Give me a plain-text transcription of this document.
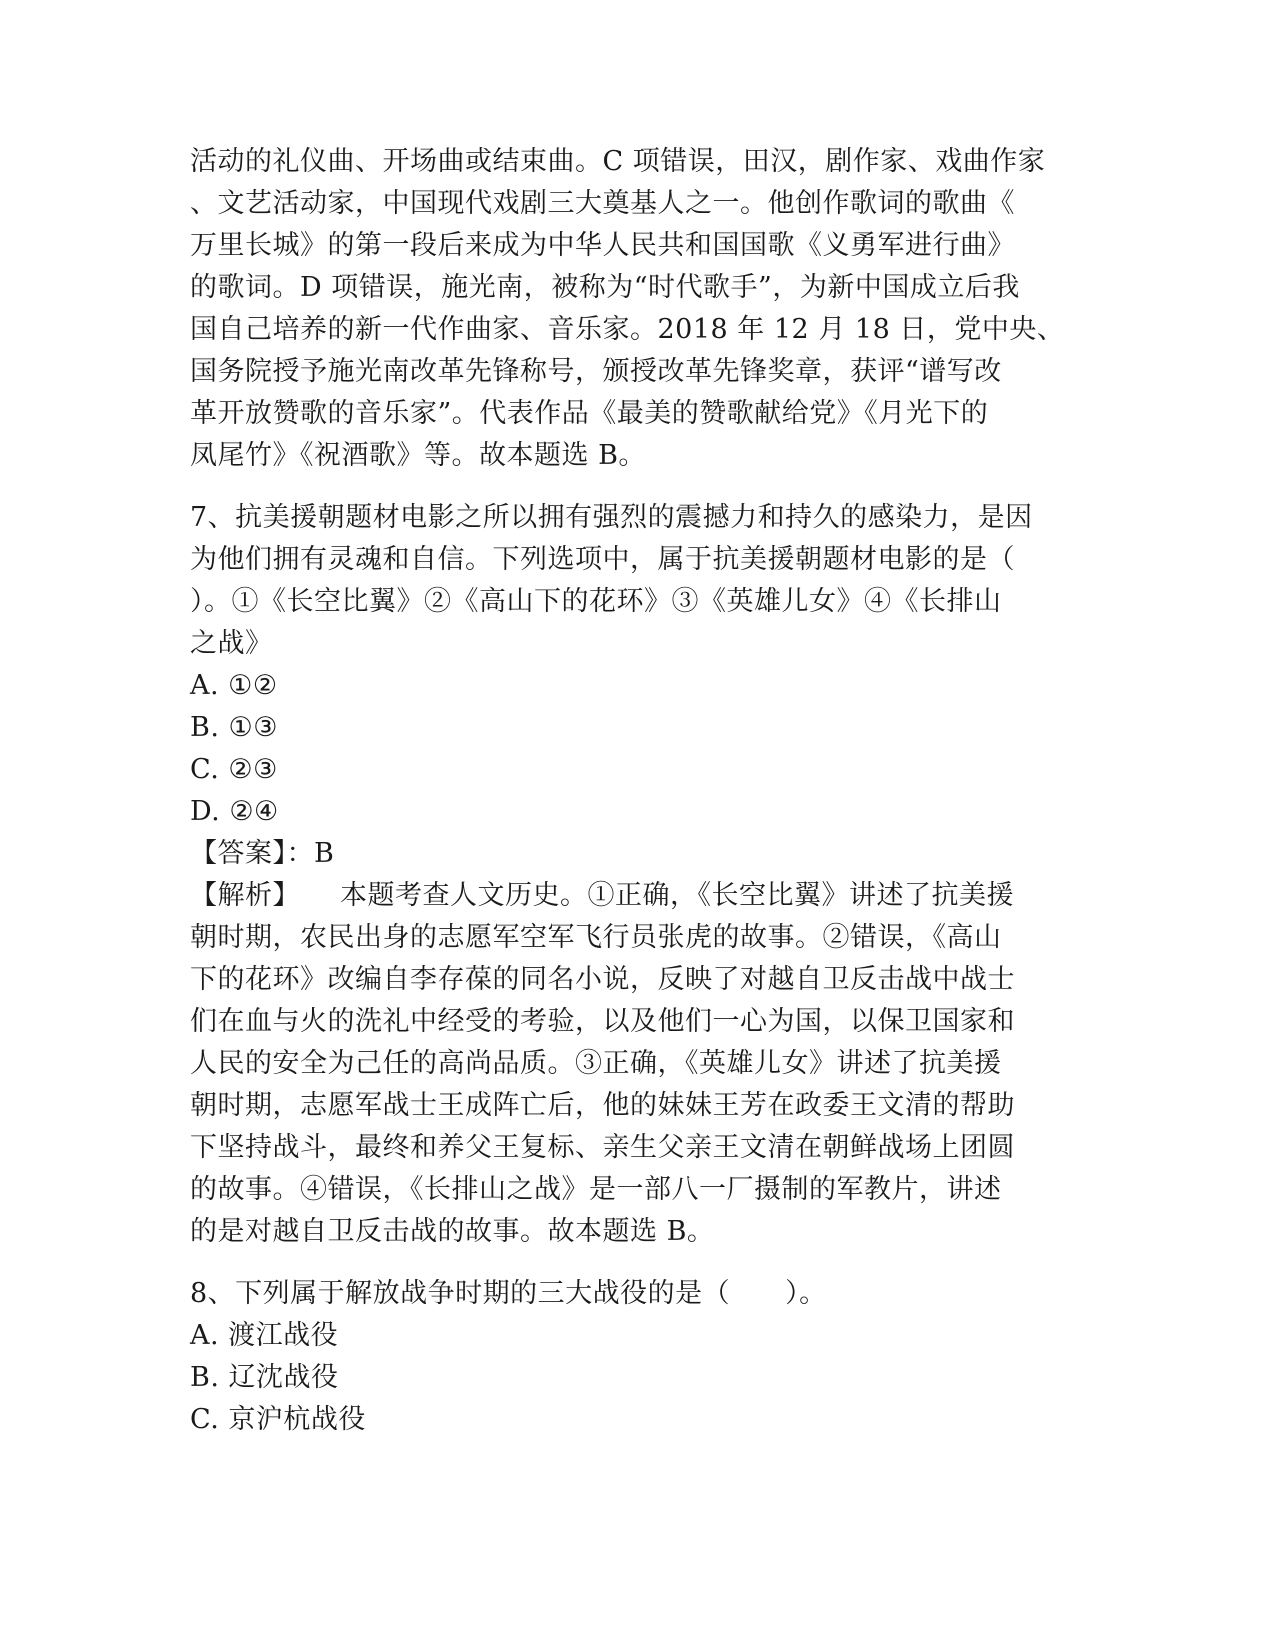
活动的礼仪曲、开场曲或结束曲。C 项错误，田汉，剧作家、戏曲作家
、文艺活动家，中国现代戏剧三大奠基人之一。他创作歌词的歌曲《
万里长城》的第一段后来成为中华人民共和国国歌《义勇军进行曲》
的歌词。D 项错误，施光南，被称为“时代歌手”，为新中国成立后我
国自己培养的新一代作曲家、音乐家。2018 年 12 月 18 日，党中央、
国务院授予施光南改革先锋称号，颁授改革先锋奖章，获评“谱写改
革开放赞歌的音乐家”。代表作品《最美的赞歌献给党》《月光下的
凤尾竹》《祝酒歌》等。故本题选 B。
7、抗美援朝题材电影之所以拥有强烈的震撼力和持久的感染力，是因
为他们拥有灵魂和自信。下列选项中，属于抗美援朝题材电影的是（
）。①《长空比翼》②《高山下的花环》③《英雄儿女》④《长排山
之战》
A. ①②
B. ①③
C. ②③
D. ②④
【答案】：B
【解析】 本题考查人文历史。①正确，《长空比翼》讲述了抗美援
朝时期，农民出身的志愿军空军飞行员张虎的故事。②错误，《高山
下的花环》改编自李存葆的同名小说，反映了对越自卫反击战中战士
们在血与火的洗礼中经受的考验，以及他们一心为国，以保卫国家和
人民的安全为己任的高尚品质。③正确，《英雄儿女》讲述了抗美援
朝时期，志愿军战士王成阵亡后，他的妹妹王芳在政委王文清的帮助
下坚持战斗，最终和养父王复标、亲生父亲王文清在朝鲜战场上团圆
的故事。④错误，《长排山之战》是一部八一厂摄制的军教片，讲述
的是对越自卫反击战的故事。故本题选 B。
8、下列属于解放战争时期的三大战役的是（　　）。
A. 渡江战役
B. 辽沈战役
C. 京沪杭战役
